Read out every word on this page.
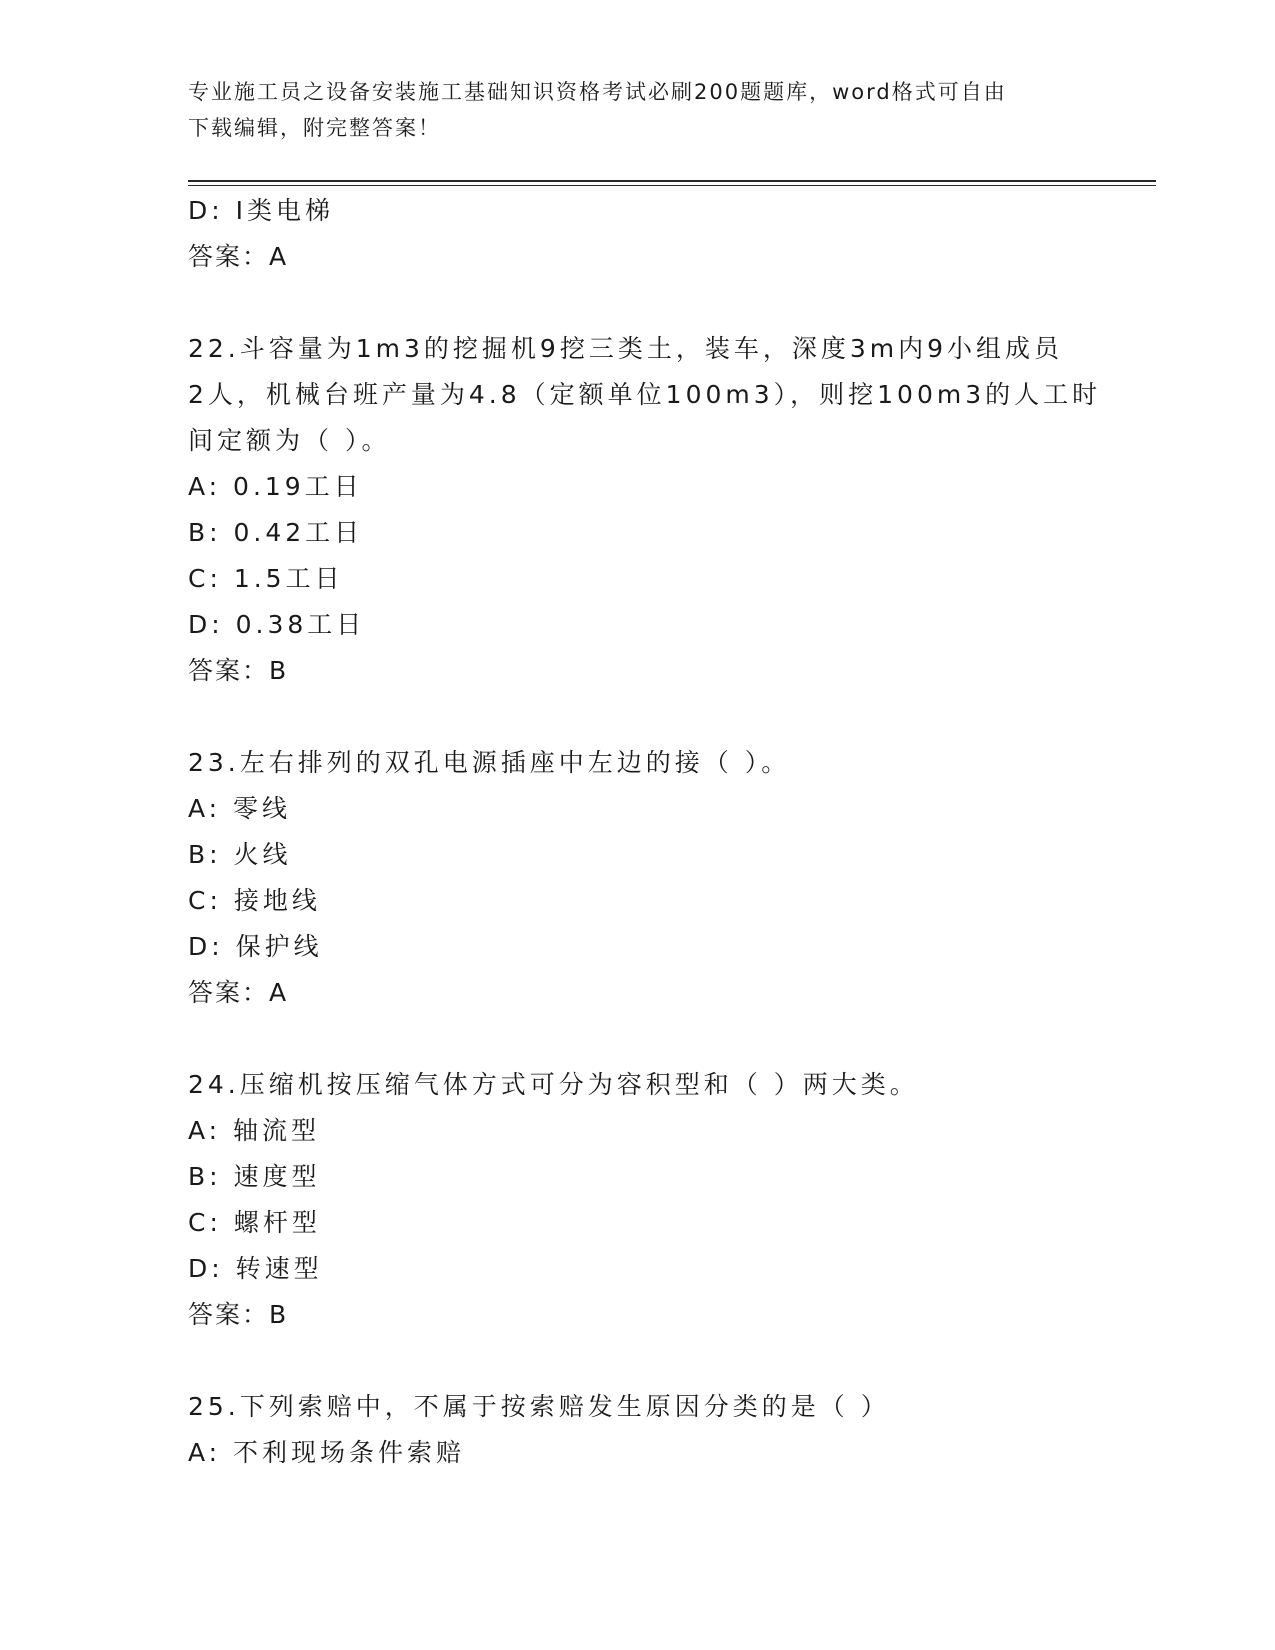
专业施工员之设备安装施工基础知识资格考试必刷200题题库，word格式可自由
下载编辑，附完整答案！
D: I类电梯
答案：A
22.斗容量为1m3的挖掘机9挖三类土，装车，深度3m内9小组成员
2人，机械台班产量为4.8（定额单位100m3），则挖100m3的人工时
间定额为（ ）。
A: 0.19工日
B: 0.42工日
C: 1.5工日
D: 0.38工日
答案：B
23.左右排列的双孔电源插座中左边的接（ ）。
A: 零线
B: 火线
C: 接地线
D: 保护线
答案：A
24.压缩机按压缩气体方式可分为容积型和（ ）两大类。
A: 轴流型
B: 速度型
C: 螺杆型
D: 转速型
答案：B
25.下列索赔中，不属于按索赔发生原因分类的是（ ）
A: 不利现场条件索赔
